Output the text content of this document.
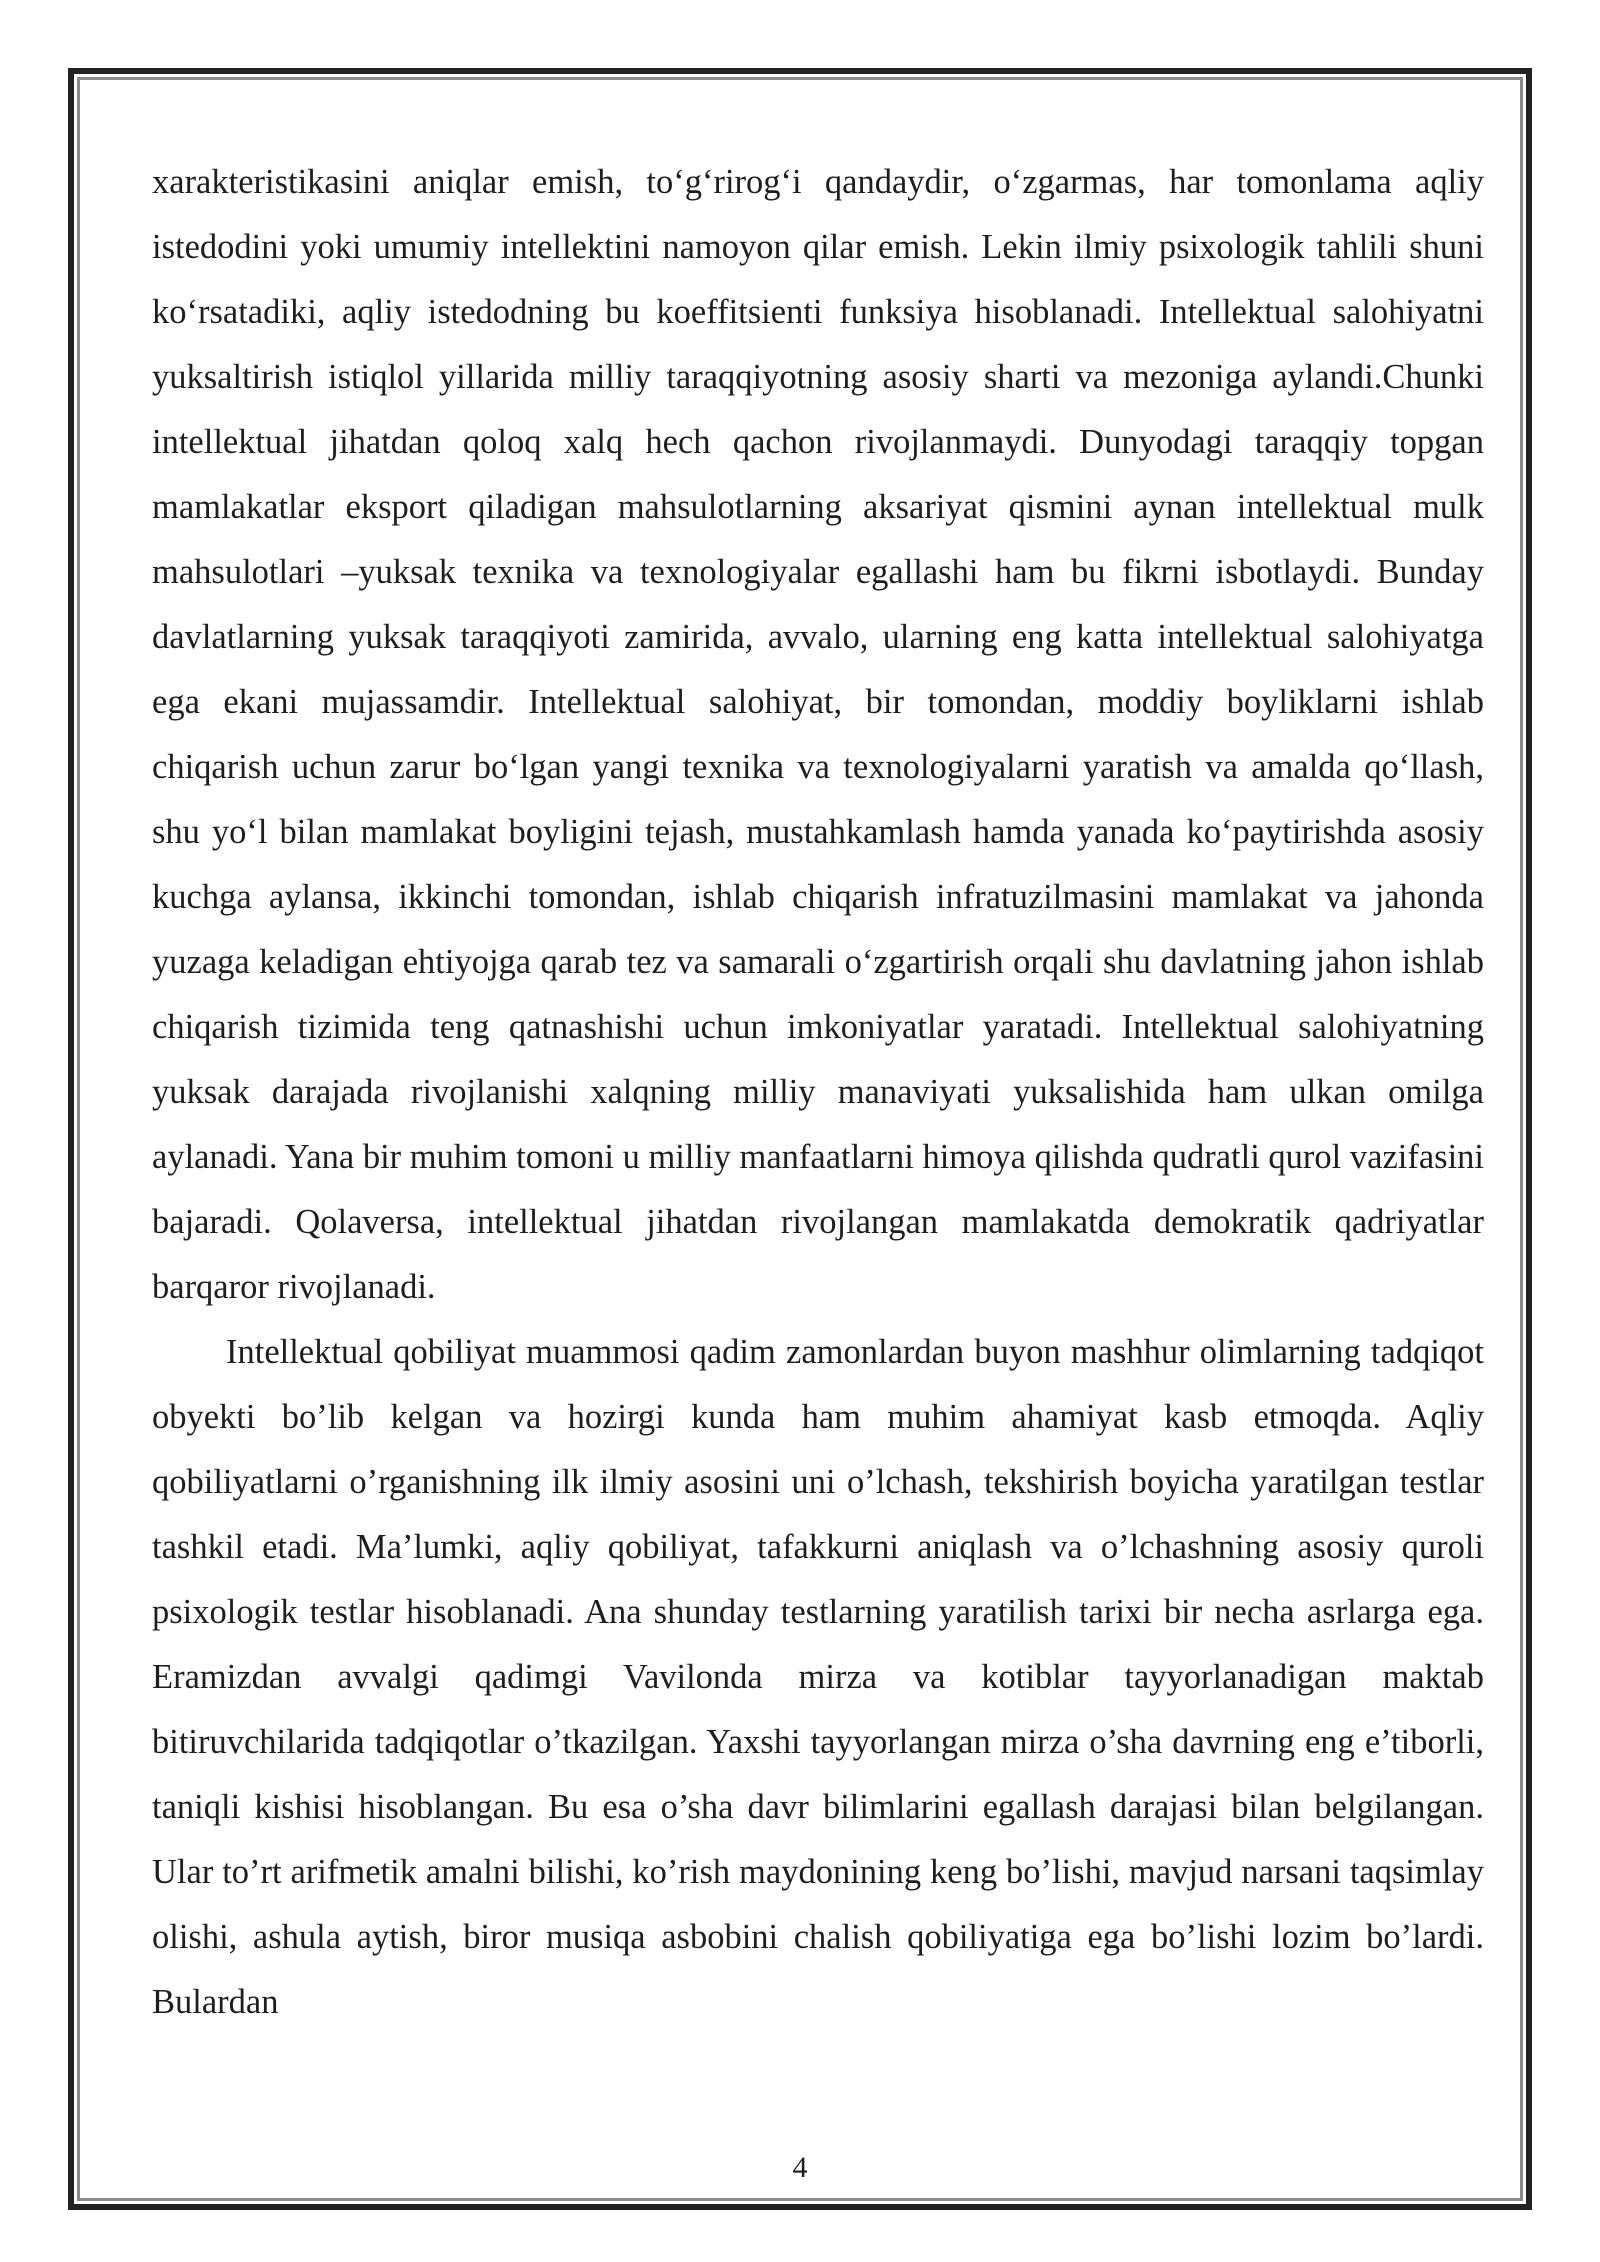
xarakteristikasini aniqlar emish, to‘g‘rirog‘i qandaydir, o‘zgarmas, har tomonlama aqliy istedodini yoki umumiy intellektini namoyon qilar emish. Lekin ilmiy psixologik tahlili shuni ko‘rsatadiki, aqliy istedodning bu koeffitsienti funksiya hisoblanadi. Intellektual salohiyatni yuksaltirish istiqlol yillarida milliy taraqqiyotning asosiy sharti va mezoniga aylandi.Chunki intellektual jihatdan qoloq xalq hech qachon rivojlanmaydi. Dunyodagi taraqqiy topgan mamlakatlar eksport qiladigan mahsulotlarning aksariyat qismini aynan intellektual mulk mahsulotlari –yuksak texnika va texnologiyalar egallashi ham bu fikrni isbotlaydi. Bunday davlatlarning yuksak taraqqiyoti zamirida, avvalo, ularning eng katta intellektual salohiyatga ega ekani mujassamdir. Intellektual salohiyat, bir tomondan, moddiy boyliklarni ishlab chiqarish uchun zarur bo‘lgan yangi texnika va texnologiyalarni yaratish va amalda qo‘llash, shu yo‘l bilan mamlakat boyligini tejash, mustahkamlash hamda yanada ko‘paytirishda asosiy kuchga aylansa, ikkinchi tomondan, ishlab chiqarish infratuzilmasini mamlakat va jahonda yuzaga keladigan ehtiyojga qarab tez va samarali o‘zgartirish orqali shu davlatning jahon ishlab chiqarish tizimida teng qatnashishi uchun imkoniyatlar yaratadi. Intellektual salohiyatning yuksak darajada rivojlanishi xalqning milliy manaviyati yuksalishida ham ulkan omilga aylanadi. Yana bir muhim tomoni u milliy manfaatlarni himoya qilishda qudratli qurol vazifasini bajaradi. Qolaversa, intellektual jihatdan rivojlangan mamlakatda demokratik qadriyatlar barqaror rivojlanadi.

Intellektual qobiliyat muammosi qadim zamonlardan buyon mashhur olimlarning tadqiqot obyekti bo’lib kelgan va hozirgi kunda ham muhim ahamiyat kasb etmoqda. Aqliy qobiliyatlarni o’rganishning ilk ilmiy asosini uni o’lchash, tekshirish boyicha yaratilgan testlar tashkil etadi. Ma’lumki, aqliy qobiliyat, tafakkurni aniqlash va o’lchashning asosiy quroli psixologik testlar hisoblanadi. Ana shunday testlarning yaratilish tarixi bir necha asrlarga ega. Eramizdan avvalgi qadimgi Vavilonda mirza va kotiblar tayyorlanadigan maktab bitiruvchilarida tadqiqotlar o’tkazilgan. Yaxshi tayyorlangan mirza o’sha davrning eng e’tiborli, taniqli kishisi hisoblangan. Bu esa o’sha davr bilimlarini egallash darajasi bilan belgilangan. Ular to’rt arifmetik amalni bilishi, ko’rish maydonining keng bo’lishi, mavjud narsani taqsimlay olishi, ashula aytish, biror musiqa asbobini chalish qobiliyatiga ega bo’lishi lozim bo’lardi. Bulardan

4
